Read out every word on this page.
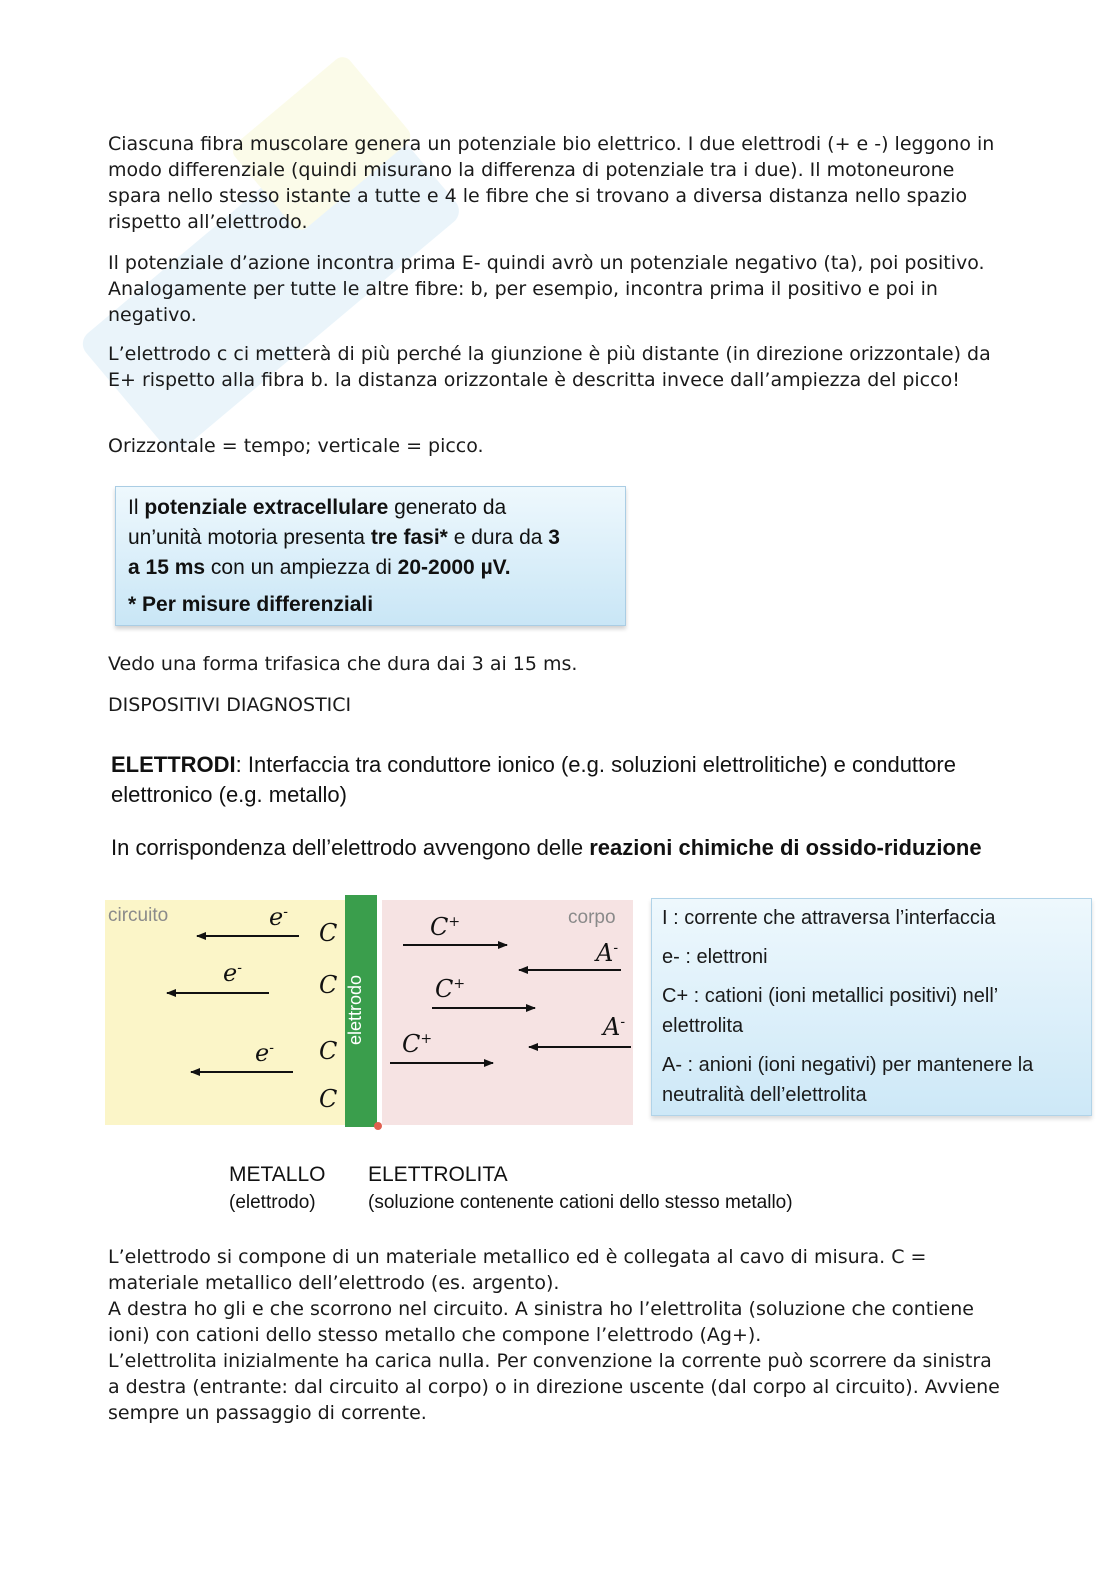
Ciascuna fibra muscolare genera un potenziale bio elettrico. I due elettrodi (+ e -) leggono in modo differenziale (quindi misurano la differenza di potenziale tra i due). Il motoneurone spara nello stesso istante a tutte e 4 le fibre che si trovano a diversa distanza nello spazio rispetto all’elettrodo.

Il potenziale d’azione incontra prima E- quindi avrò un potenziale negativo (ta), poi positivo. Analogamente per tutte le altre fibre: b, per esempio, incontra prima il positivo e poi in negativo.

L’elettrodo c ci metterà di più perché la giunzione è più distante (in direzione orizzontale) da E+ rispetto alla fibra b. la distanza orizzontale è descritta invece dall’ampiezza del picco!

Orizzontale = tempo; verticale = picco.

Il potenziale extracellulare generato da
un’unità motoria presenta tre fasi* e dura da 3
a 15 ms con un ampiezza di 20-2000 µV.
* Per misure differenziali

Vedo una forma trifasica che dura dai 3 ai 15 ms.

DISPOSITIVI DIAGNOSTICI

ELETTRODI: Interfaccia tra conduttore ionico (e.g. soluzioni elettrolitiche) e conduttore
elettronico (e.g. metallo)
In corrispondenza dell’elettrodo avvengono delle reazioni chimiche di ossido-riduzione
elettrodo
circuito	corpo
e-
e-
e-
C
C
C
C
C+
C+
C+
A-
A-
I : corrente che attraversa l’interfaccia
e- : elettroni
C+ : cationi (ioni metallici positivi) nell’ elettrolita
A- : anioni (ioni negativi) per mantenere la neutralità dell’elettrolita
METALLO
(elettrodo)
ELETTROLITA
(soluzione contenente cationi dello stesso metallo)

L’elettrodo si compone di un materiale metallico ed è collegata al cavo di misura. C = materiale metallico dell’elettrodo (es. argento).

A destra ho gli e che scorrono nel circuito. A sinistra ho l’elettrolita (soluzione che contiene ioni) con cationi dello stesso metallo che compone l’elettrodo (Ag+).

L’elettrolita inizialmente ha carica nulla. Per convenzione la corrente può scorrere da sinistra a destra (entrante: dal circuito al corpo) o in direzione uscente (dal corpo al circuito). Avviene sempre un passaggio di corrente.
